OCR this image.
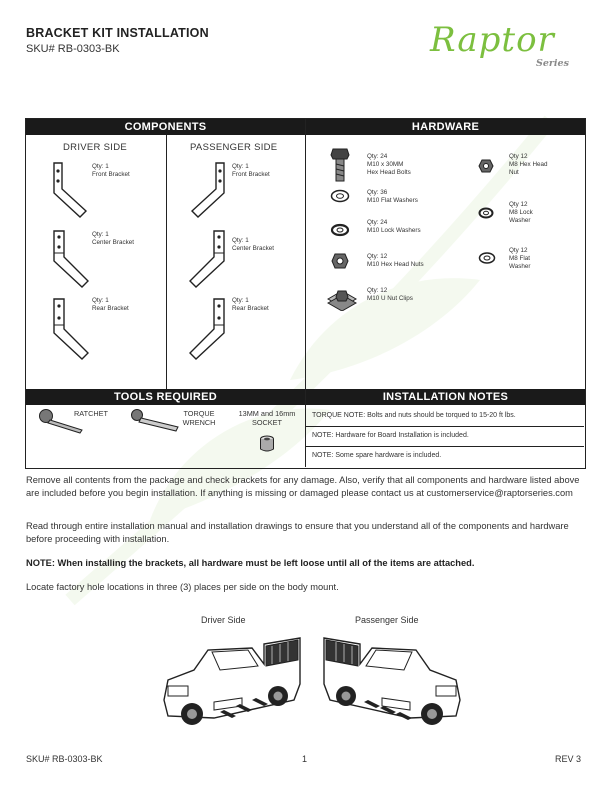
BRACKET KIT INSTALLATION
SKU# RB-0303-BK	Raptor
Series
COMPONENTS	HARDWARE
DRIVER SIDE	PASSENGER SIDE
Qty: 1
Front Bracket
Qty: 1
Center Bracket
Qty: 1
Rear Bracket
Qty: 1
Front Bracket
Qty: 1
Center Bracket
Qty: 1
Rear Bracket
Qty: 24
M10 x 30MM
Hex Head Bolts
Qty: 36
M10 Flat Washers
Qty: 24
M10 Lock Washers
Qty: 12
M10 Hex Head Nuts
Qty: 12
M10 U Nut Clips
Qty 12
M8 Hex Head
Nut
Qty 12
M8 Lock
Washer
Qty 12
M8 Flat
Washer
TOOLS REQUIRED	INSTALLATION NOTES
RATCHET	TORQUE
WRENCH
13MM and 16mm
SOCKET
TORQUE NOTE: Bolts and nuts should be torqued to 15-20 ft lbs.
NOTE: Hardware for Board Installation is included.
NOTE: Some spare hardware is included.
Remove all contents from the package and check brackets for any damage. Also, verify that all components and hardware listed above are included before you begin installation. If anything is missing or damaged please contact us at customerservice@raptorseries.com
Read through entire installation manual and installation drawings to ensure that you understand all of the components and hardware before proceeding with installation.
NOTE: When installing the brackets, all hardware must be left loose until all of the items are attached.
Locate factory hole locations in three (3) places per side on the body mount.
Driver Side	Passenger Side
SKU# RB-0303-BK	1	REV 3
